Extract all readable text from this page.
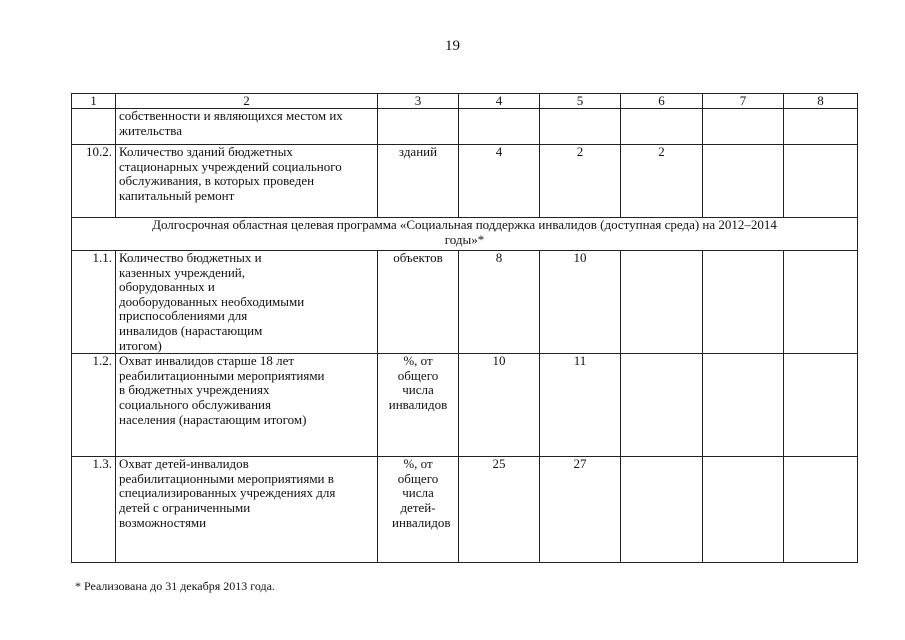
19
1	2	3	4	5	6	7	8
	собственности и являющихся местом их жительства						
10.2.	Количество зданий бюджетных стационарных учреждений социального обслуживания, в которых проведен капитальный ремонт	зданий	4	2	2		
Долгосрочная областная целевая программа «Социальная поддержка инвалидов (доступная среда) на 2012–2014 годы»*							
1.1.	Количество бюджетных и казенных учреждений, оборудованных и дооборудованных необходимыми приспособлениями для инвалидов (нарастающим итогом)	объектов	8	10			
1.2.	Охват инвалидов старше 18 лет реабилитационными мероприятиями в бюджетных учреждениях социального обслуживания населения (нарастающим итогом)	%, от общего числа инвалидов	10	11			
1.3.	Охват детей-инвалидов реабилитационными мероприятиями в специализированных учреждениях для детей с ограниченными возможностями	%, от общего числа детей-инвалидов	25	27			
* Реализована до 31 декабря 2013 года.
